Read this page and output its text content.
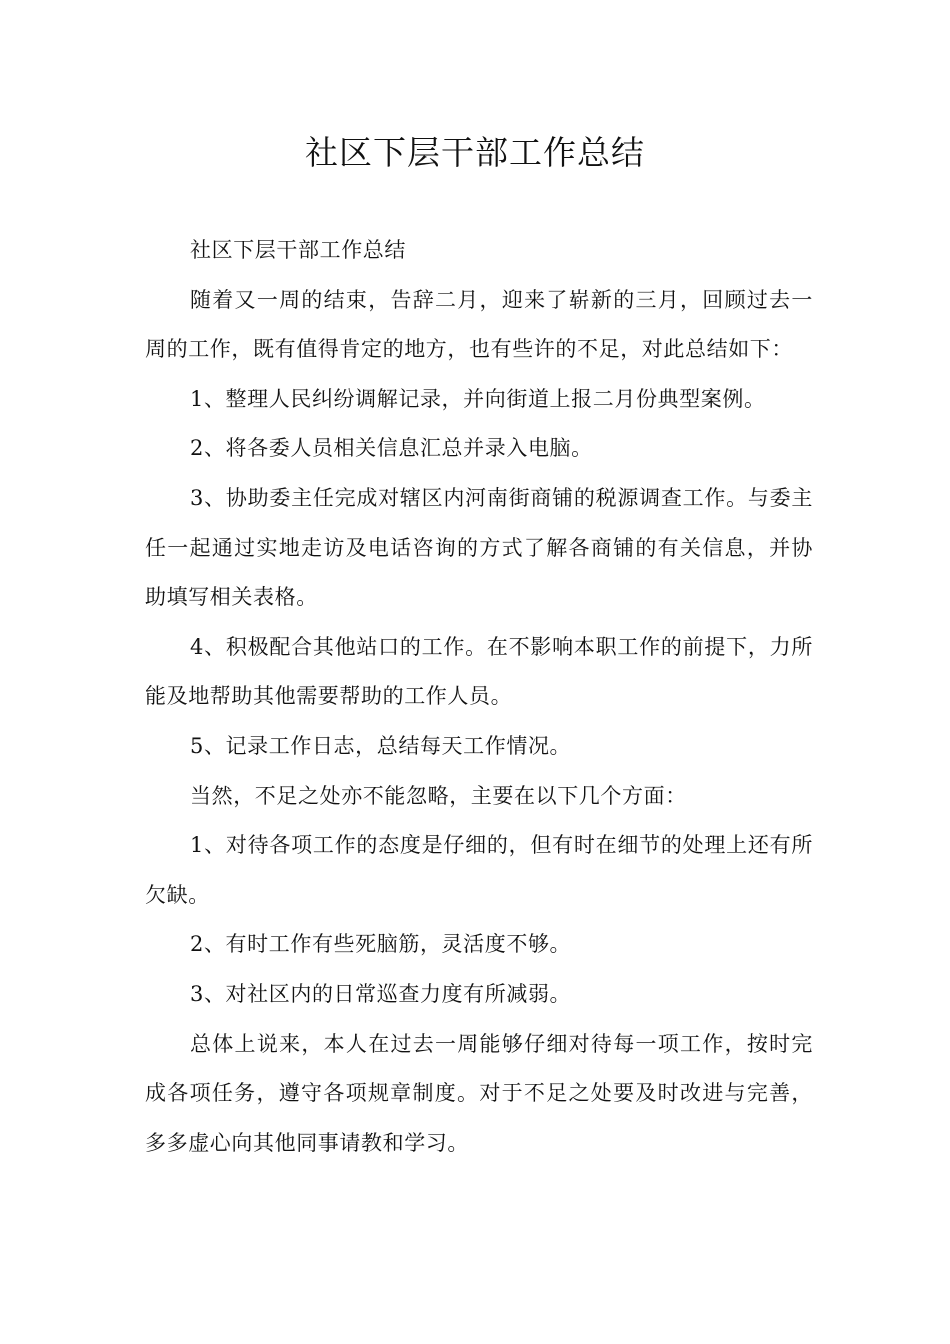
社区下层干部工作总结

社区下层干部工作总结

随着又一周的结束，告辞二月，迎来了崭新的三月，回顾过去一周的工作，既有值得肯定的地方，也有些许的不足，对此总结如下：

1、整理人民纠纷调解记录，并向街道上报二月份典型案例。

2、将各委人员相关信息汇总并录入电脑。

3、协助委主任完成对辖区内河南街商铺的税源调查工作。与委主任一起通过实地走访及电话咨询的方式了解各商铺的有关信息，并协助填写相关表格。

4、积极配合其他站口的工作。在不影响本职工作的前提下，力所能及地帮助其他需要帮助的工作人员。

5、记录工作日志，总结每天工作情况。

当然，不足之处亦不能忽略，主要在以下几个方面：

1、对待各项工作的态度是仔细的，但有时在细节的处理上还有所欠缺。

2、有时工作有些死脑筋，灵活度不够。

3、对社区内的日常巡查力度有所减弱。

总体上说来，本人在过去一周能够仔细对待每一项工作，按时完成各项任务，遵守各项规章制度。对于不足之处要及时改进与完善，多多虚心向其他同事请教和学习。
